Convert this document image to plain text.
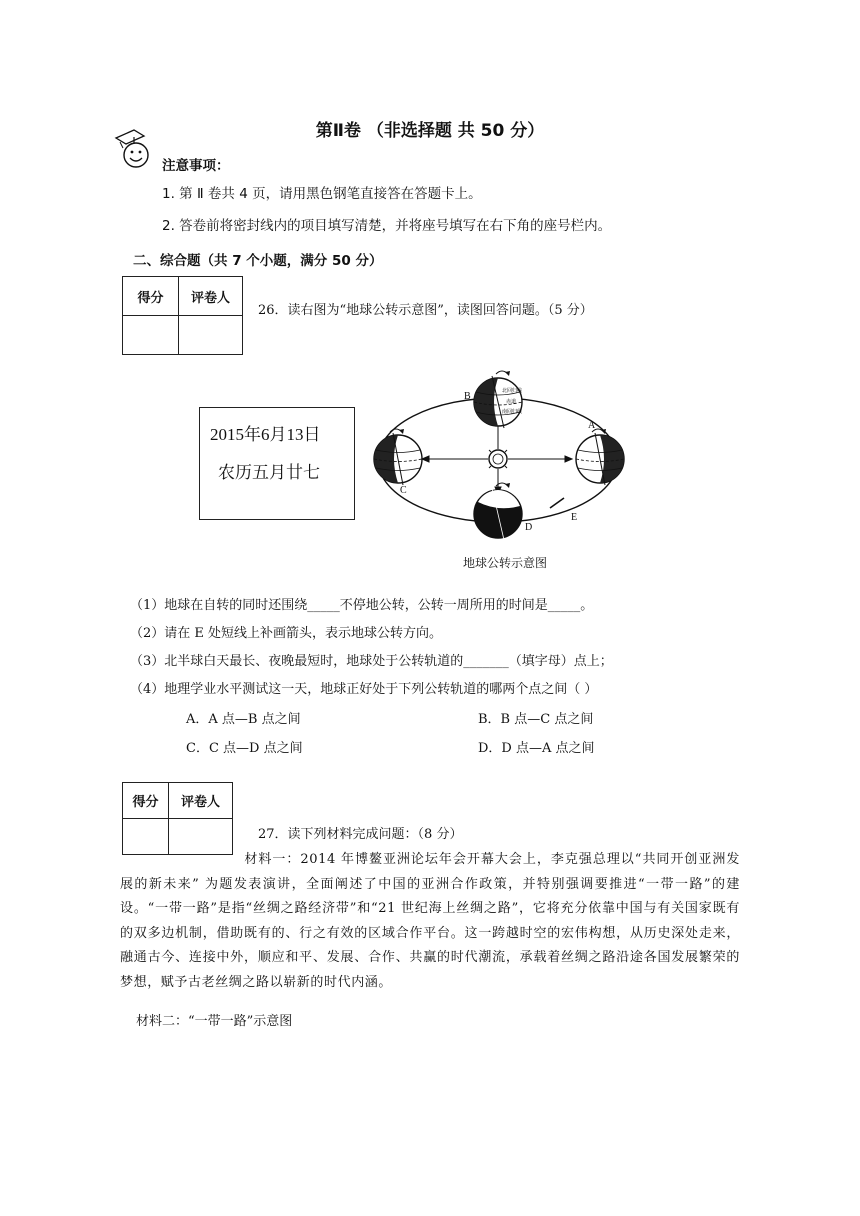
第Ⅱ卷 （非选择题 共 50 分）
注意事项：
1. 第 Ⅱ 卷共 4 页，请用黑色钢笔直接答在答题卡上。
2. 答卷前将密封线内的项目填写清楚，并将座号填写在右下角的座号栏内。
二、综合题（共 7 个小题，满分 50 分）
得分	评卷人

26．读右图为“地球公转示意图”，读图回答问题。（5 分）
2015年6月13日
农历五月廿七
北回归线
赤道
南回归线
B
A
C
D
E
地球公转示意图
（1）地球在自转的同时还围绕_____不停地公转，公转一周所用的时间是_____。
（2）请在 E 处短线上补画箭头，表示地球公转方向。
（3）北半球白天最长、夜晚最短时，地球处于公转轨道的_______（填字母）点上；
（4）地理学业水平测试这一天，地球正好处于下列公转轨道的哪两个点之间（ ）
A．A 点—B 点之间	B．B 点—C 点之间
C．C 点—D 点之间	D．D 点—A 点之间
得分	评卷人

27．读下列材料完成问题：（8 分）
材料一：2014 年博鳌亚洲论坛年会开幕大会上，李克强总理以“共同开创亚洲发展的新未来” 为题发表演讲，全面阐述了中国的亚洲合作政策，并特别强调要推进“一带一路”的建设。“一带一路”是指“丝绸之路经济带”和“21 世纪海上丝绸之路”，它将充分依靠中国与有关国家既有的双多边机制，借助既有的、行之有效的区域合作平台。这一跨越时空的宏伟构想，从历史深处走来，融通古今、连接中外，顺应和平、发展、合作、共赢的时代潮流，承载着丝绸之路沿途各国发展繁荣的梦想，赋予古老丝绸之路以崭新的时代内涵。
材料二：“一带一路”示意图
